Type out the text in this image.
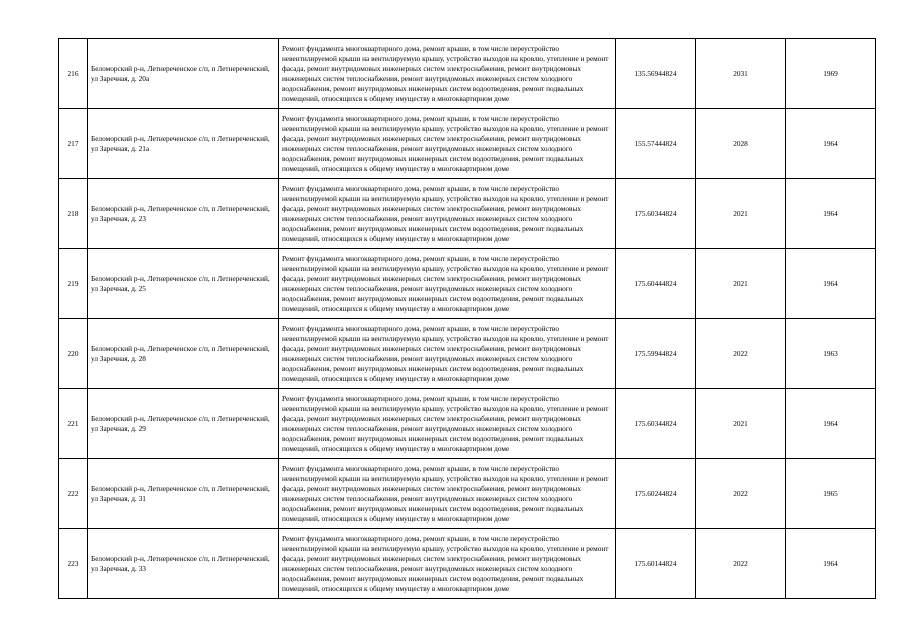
216	Беломорский р-н, Летнереченское с/п, п Летнереченский, ул Заречная, д. 20а	Ремонт фундамента многоквартирного дома, ремонт крыши, в том числе переустройство невентилируемой крыши на вентилируемую крышу, устройство выходов на кровлю, утепление и ремонт фасада, ремонт внутридомовых инженерных систем электроснабжения, ремонт внутридомовых инженерных систем теплоснабжения, ремонт внутридомовых инженерных систем холодного водоснабжения, ремонт внутридомовых инженерных систем водоотведения, ремонт подвальных помещений, относящихся к общему имуществу в многоквартирном доме	135.56944824	2031	1969
217	Беломорский р-н, Летнереченское с/п, п Летнереченский, ул Заречная, д. 21а	Ремонт фундамента многоквартирного дома, ремонт крыши, в том числе переустройство невентилируемой крыши на вентилируемую крышу, устройство выходов на кровлю, утепление и ремонт фасада, ремонт внутридомовых инженерных систем электроснабжения, ремонт внутридомовых инженерных систем теплоснабжения, ремонт внутридомовых инженерных систем холодного водоснабжения, ремонт внутридомовых инженерных систем водоотведения, ремонт подвальных помещений, относящихся к общему имуществу в многоквартирном доме	155.57444824	2028	1964
218	Беломорский р-н, Летнереченское с/п, п Летнереченский, ул Заречная, д. 23	Ремонт фундамента многоквартирного дома, ремонт крыши, в том числе переустройство невентилируемой крыши на вентилируемую крышу, устройство выходов на кровлю, утепление и ремонт фасада, ремонт внутридомовых инженерных систем электроснабжения, ремонт внутридомовых инженерных систем теплоснабжения, ремонт внутридомовых инженерных систем холодного водоснабжения, ремонт внутридомовых инженерных систем водоотведения, ремонт подвальных помещений, относящихся к общему имуществу в многоквартирном доме	175.60344824	2021	1964
219	Беломорский р-н, Летнереченское с/п, п Летнереченский, ул Заречная, д. 25	Ремонт фундамента многоквартирного дома, ремонт крыши, в том числе переустройство невентилируемой крыши на вентилируемую крышу, устройство выходов на кровлю, утепление и ремонт фасада, ремонт внутридомовых инженерных систем электроснабжения, ремонт внутридомовых инженерных систем теплоснабжения, ремонт внутридомовых инженерных систем холодного водоснабжения, ремонт внутридомовых инженерных систем водоотведения, ремонт подвальных помещений, относящихся к общему имуществу в многоквартирном доме	175.60444824	2021	1964
220	Беломорский р-н, Летнереченское с/п, п Летнереченский, ул Заречная, д. 28	Ремонт фундамента многоквартирного дома, ремонт крыши, в том числе переустройство невентилируемой крыши на вентилируемую крышу, устройство выходов на кровлю, утепление и ремонт фасада, ремонт внутридомовых инженерных систем электроснабжения, ремонт внутридомовых инженерных систем теплоснабжения, ремонт внутридомовых инженерных систем холодного водоснабжения, ремонт внутридомовых инженерных систем водоотведения, ремонт подвальных помещений, относящихся к общему имуществу в многоквартирном доме	175.59944824	2022	1963
221	Беломорский р-н, Летнереченское с/п, п Летнереченский, ул Заречная, д. 29	Ремонт фундамента многоквартирного дома, ремонт крыши, в том числе переустройство невентилируемой крыши на вентилируемую крышу, устройство выходов на кровлю, утепление и ремонт фасада, ремонт внутридомовых инженерных систем электроснабжения, ремонт внутридомовых инженерных систем теплоснабжения, ремонт внутридомовых инженерных систем холодного водоснабжения, ремонт внутридомовых инженерных систем водоотведения, ремонт подвальных помещений, относящихся к общему имуществу в многоквартирном доме	175.60344824	2021	1964
222	Беломорский р-н, Летнереченское с/п, п Летнереченский, ул Заречная, д. 31	Ремонт фундамента многоквартирного дома, ремонт крыши, в том числе переустройство невентилируемой крыши на вентилируемую крышу, устройство выходов на кровлю, утепление и ремонт фасада, ремонт внутридомовых инженерных систем электроснабжения, ремонт внутридомовых инженерных систем теплоснабжения, ремонт внутридомовых инженерных систем холодного водоснабжения, ремонт внутридомовых инженерных систем водоотведения, ремонт подвальных помещений, относящихся к общему имуществу в многоквартирном доме	175.60244824	2022	1965
223	Беломорский р-н, Летнереченское с/п, п Летнереченский, ул Заречная, д. 33	Ремонт фундамента многоквартирного дома, ремонт крыши, в том числе переустройство невентилируемой крыши на вентилируемую крышу, устройство выходов на кровлю, утепление и ремонт фасада, ремонт внутридомовых инженерных систем электроснабжения, ремонт внутридомовых инженерных систем теплоснабжения, ремонт внутридомовых инженерных систем холодного водоснабжения, ремонт внутридомовых инженерных систем водоотведения, ремонт подвальных помещений, относящихся к общему имуществу в многоквартирном доме	175.60144824	2022	1964
